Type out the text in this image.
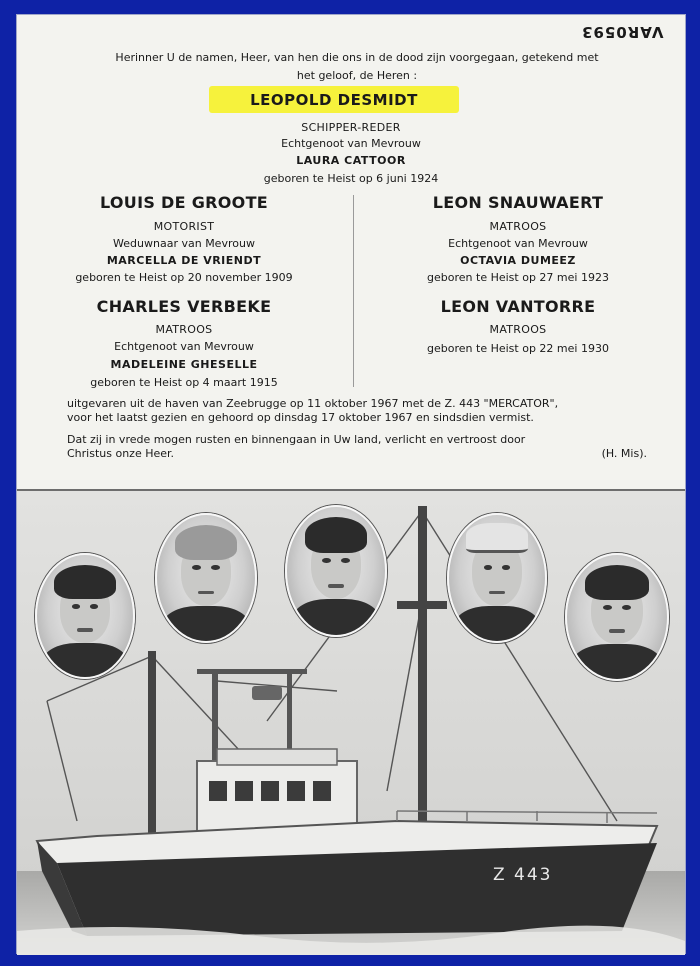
VAR0593
Herinner U de namen, Heer, van hen die ons in de dood zijn voorgegaan, getekend met
het geloof, de Heren :
LEOPOLD DESMIDT
SCHIPPER-REDER
Echtgenoot van Mevrouw
LAURA CATTOOR
geboren te Heist op 6 juni 1924
LOUIS DE GROOTE
MOTORIST
Weduwnaar van Mevrouw
MARCELLA DE VRIENDT
geboren te Heist op 20 november 1909
LEON SNAUWAERT
MATROOS
Echtgenoot van Mevrouw
OCTAVIA DUMEEZ
geboren te Heist op 27 mei 1923
CHARLES VERBEKE
MATROOS
Echtgenoot van Mevrouw
MADELEINE GHESELLE
geboren te Heist op 4 maart 1915
LEON VANTORRE
MATROOS
geboren te Heist op 22 mei 1930
uitgevaren uit de haven van Zeebrugge op 11 oktober 1967 met de Z. 443 "MERCATOR",
voor het laatst gezien en gehoord op dinsdag 17 oktober 1967 en sindsdien vermist.
Dat zij in vrede mogen rusten en binnengaan in Uw land, verlicht en vertroost door
Christus onze Heer.	(H. Mis).
Z 443
